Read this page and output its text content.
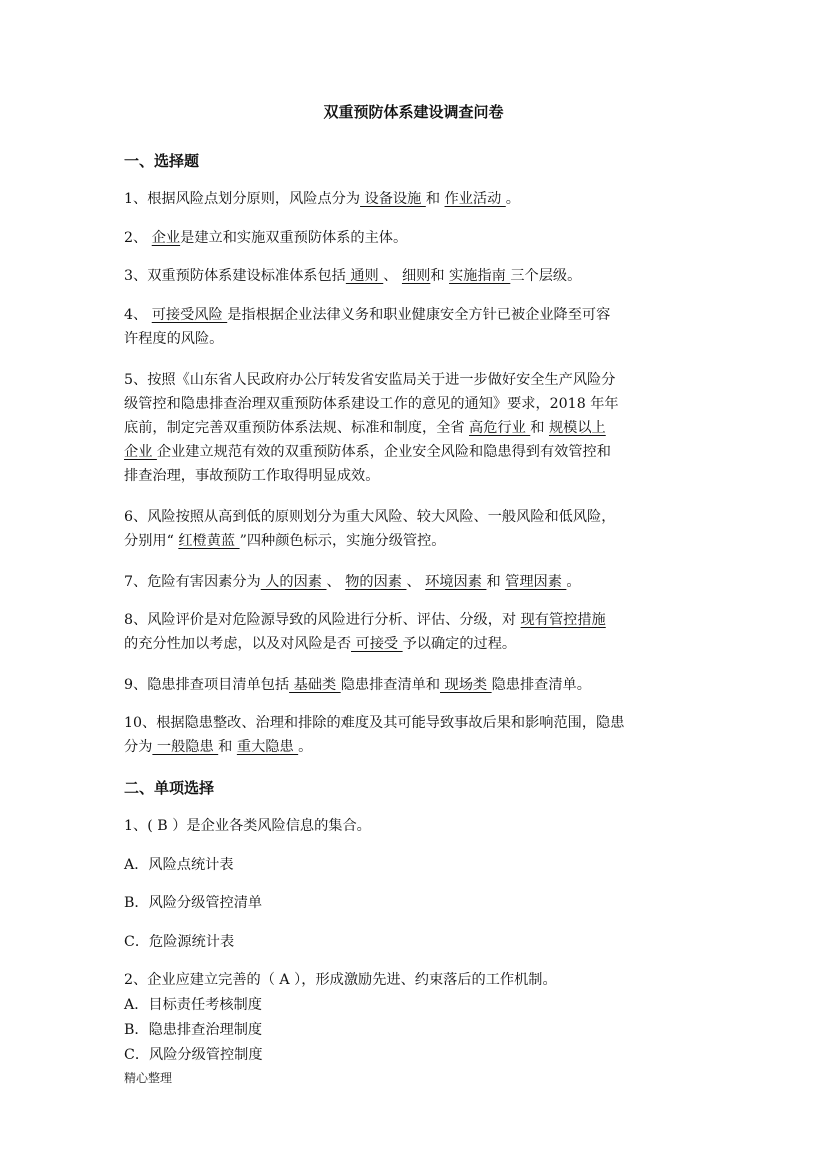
双重预防体系建设调查问卷
一、选择题
1、根据风险点划分原则，风险点分为 设备设施 和 作业活动 。
2、 企业是建立和实施双重预防体系的主体。
3、双重预防体系建设标准体系包括 通则 、 细则和 实施指南 三个层级。
4、 可接受风险 是指根据企业法律义务和职业健康安全方针已被企业降至可容
许程度的风险。
5、按照《山东省人民政府办公厅转发省安监局关于进一步做好安全生产风险分
级管控和隐患排查治理双重预防体系建设工作的意见的通知》要求，2018 年年
底前，制定完善双重预防体系法规、标准和制度，全省 高危行业 和 规模以上
企业 企业建立规范有效的双重预防体系，企业安全风险和隐患得到有效管控和
排查治理，事故预防工作取得明显成效。
6、风险按照从高到低的原则划分为重大风险、较大风险、一般风险和低风险，
分别用“ 红橙黄蓝 ”四种颜色标示，实施分级管控。
7、危险有害因素分为 人的因素 、 物的因素 、 环境因素 和 管理因素 。
8、风险评价是对危险源导致的风险进行分析、评估、分级，对 现有管控措施
的充分性加以考虑，以及对风险是否 可接受 予以确定的过程。
9、隐患排查项目清单包括 基础类 隐患排查清单和 现场类 隐患排查清单。
10、根据隐患整改、治理和排除的难度及其可能导致事故后果和影响范围，隐患
分为 一般隐患 和 重大隐患 。
二、单项选择
1、( B ）是企业各类风险信息的集合。
A．风险点统计表
B．风险分级管控清单
C．危险源统计表
2、企业应建立完善的（ A ），形成激励先进、约束落后的工作机制。
A．目标责任考核制度
B．隐患排查治理制度
C．风险分级管控制度
精心整理
